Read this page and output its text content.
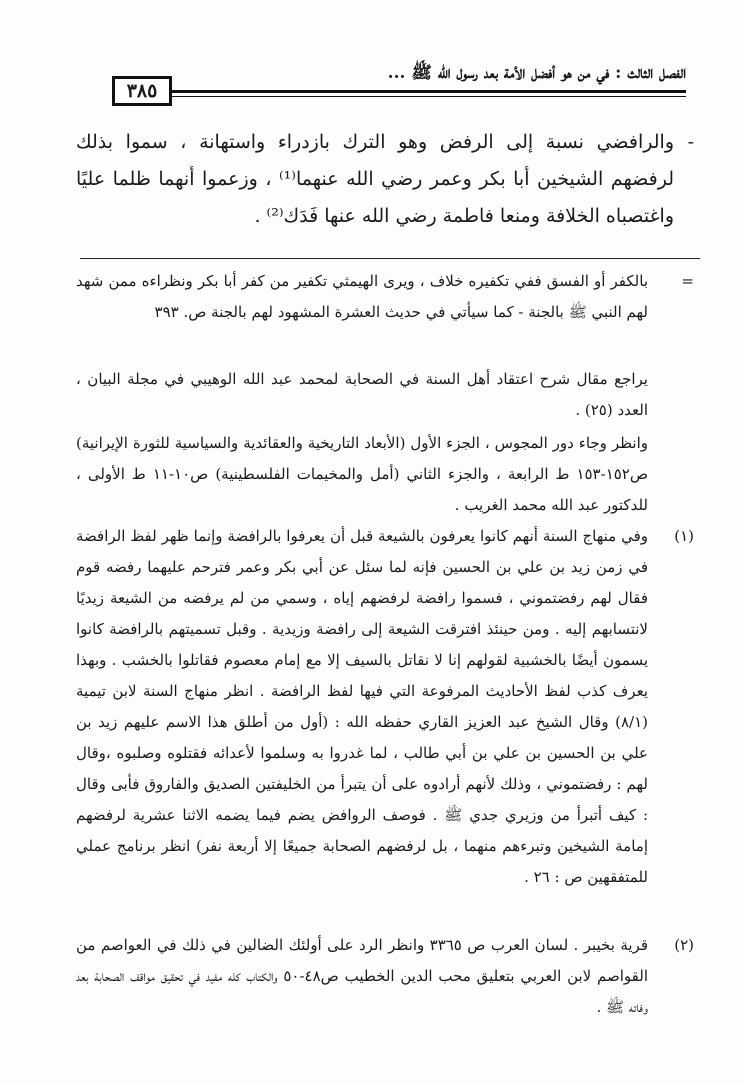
الفصل الثالث : في من هو أفضل الأمة بعد رسول الله ﷺ ...
٣٨٥
-
والرافضي نسبة إلى الرفض وهو الترك بازدراء واستهانة ، سموا بذلك لرفضهم الشيخين أبا بكر وعمر رضي الله عنهما⁽¹⁾ ، وزعموا أنهما ظلما عليًا واغتصباه الخلافة ومنعا فاطمة رضي الله عنها فَدَك⁽²⁾ .
=
بالكفر أو الفسق ففي تكفيره خلاف ، ويرى الهيمثي تكفير من كفر أبا بكر ونظراءه ممن شهد لهم النبي ﷺ بالجنة - كما سيأتي في حديث العشرة المشهود لهم بالجنة ص. ٣٩٣
يراجع مقال شرح اعتقاد أهل السنة في الصحابة لمحمد عبد الله الوهيبي في مجلة البيان ، العدد (٢٥) .
وانظر وجاء دور المجوس ، الجزء الأول (الأبعاد التاريخية والعقائدية والسياسية للثورة الإيرانية) ص١٥٢-١٥٣ ط الرابعة ، والجزء الثاني (أمل والمخيمات الفلسطينية) ص١٠-١١ ط الأولى ، للدكتور عبد الله محمد الغريب .
(١)
وفي منهاج السنة أنهم كانوا يعرفون بالشيعة قبل أن يعرفوا بالرافضة وإنما ظهر لفظ الرافضة في زمن زيد بن علي بن الحسين فإنه لما سئل عن أبي بكر وعمر فترحم عليهما رفضه قوم فقال لهم رفضتموني ، فسموا رافضة لرفضهم إياه ، وسمي من لم يرفضه من الشيعة زيديًا لانتسابهم إليه . ومن حينئذ افترقت الشيعة إلى رافضة وزيدية . وقبل تسميتهم بالرافضة كانوا يسمون أيضًا بالخشبية لقولهم إنا لا نقاتل بالسيف إلا مع إمام معصوم فقاتلوا بالخشب . وبهذا يعرف كذب لفظ الأحاديث المرفوعة التي فيها لفظ الرافضة . انظر منهاج السنة لابن تيمية (٨/١) وقال الشيخ عبد العزيز القاري حفظه الله : (أول من أطلق هذا الاسم عليهم زيد بن علي بن الحسين بن علي بن أبي طالب ، لما غدروا به وسلموا لأعدائه فقتلوه وصلبوه ،وقال لهم : رفضتموني ، وذلك لأنهم أرادوه على أن يتبرأ من الخليفتين الصديق والفاروق فأبى وقال : كيف أتبرأ من وزيري جدي ﷺ . فوصف الروافض يضم فيما يضمه الاثنا عشرية لرفضهم إمامة الشيخين وتبرءهم منهما ، بل لرفضهم الصحابة جميعًا إلا أربعة نفر) انظر برنامج عملي للمتفقهين ص : ٢٦ .
(٢)
قرية بخيبر . لسان العرب ص ٣٣٦٥ وانظر الرد على أولئك الضالين في ذلك في العواصم من القواصم لابن العربي بتعليق محب الدين الخطيب ص٤٨-٥٠ والكتاب كله مفيد في تحقيق مواقف الصحابة بعد وفاته ﷺ .
